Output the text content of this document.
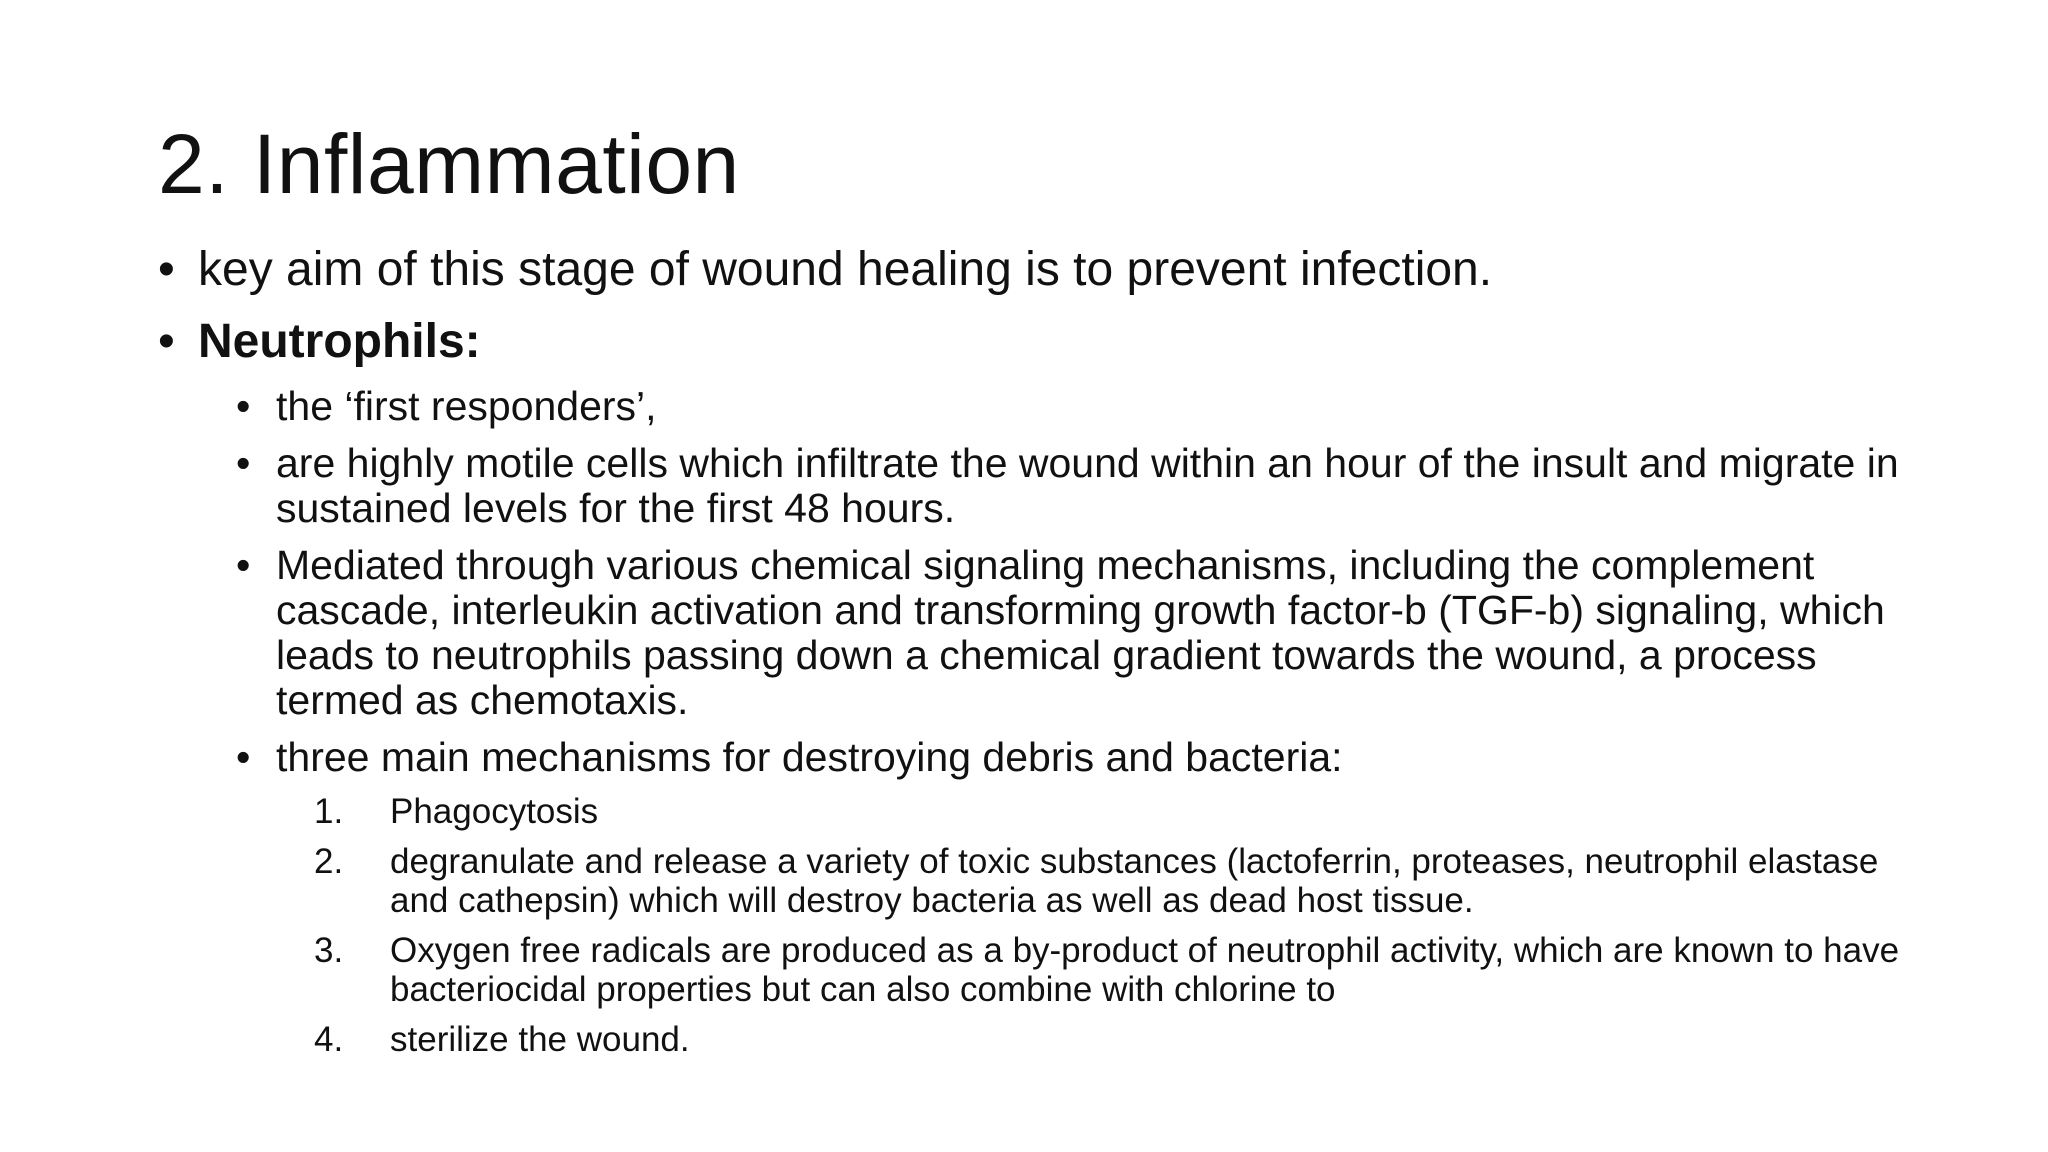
2. Inflammation
• key aim of this stage of wound healing is to prevent infection.
• Neutrophils:
• the ‘first responders’,
• are highly motile cells which infiltrate the wound within an hour of the insult and migrate in sustained levels for the first 48 hours.
• Mediated through various chemical signaling mechanisms, including the complement cascade, interleukin activation and transforming growth factor-b (TGF-b) signaling, which leads to neutrophils passing down a chemical gradient towards the wound, a process termed as chemotaxis.
• three main mechanisms for destroying debris and bacteria:
1. Phagocytosis
2. degranulate and release a variety of toxic substances (lactoferrin, proteases, neutrophil elastase and cathepsin) which will destroy bacteria as well as dead host tissue.
3. Oxygen free radicals are produced as a by-product of neutrophil activity, which are known to have bacteriocidal properties but can also combine with chlorine to
4. sterilize the wound.
